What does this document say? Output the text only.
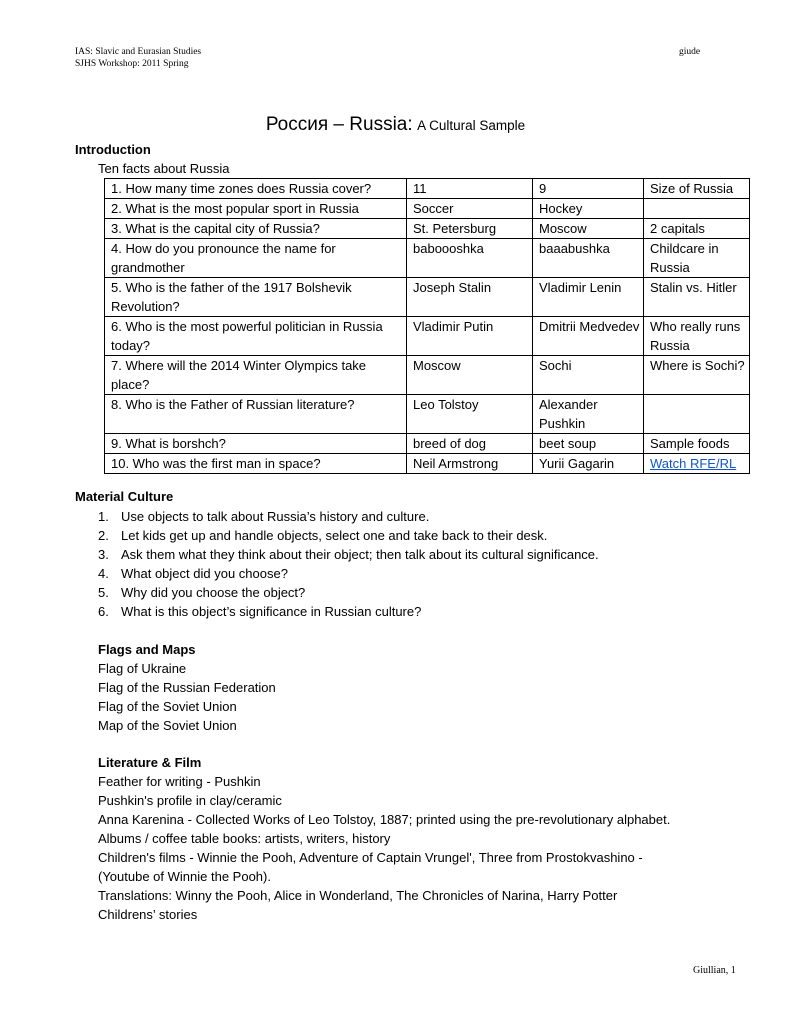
IAS: Slavic and Eurasian Studies
SJHS Workshop: 2011 Spring
giude
Россия – Russia: A Cultural Sample
Introduction
Ten facts about Russia
1. How many time zones does Russia cover?	11	9	Size of Russia
2. What is the most popular sport in Russia	Soccer	Hockey	
3. What is the capital city of Russia?	St. Petersburg	Moscow	2 capitals
4. How do you pronounce the name for grandmother	baboooshka	baaabushka	Childcare in Russia
5. Who is the father of the 1917 Bolshevik Revolution?	Joseph Stalin	Vladimir Lenin	Stalin vs. Hitler
6. Who is the most powerful politician in Russia today?	Vladimir Putin	Dmitrii Medvedev	Who really runs Russia
7. Where will the 2014 Winter Olympics take place?	Moscow	Sochi	Where is Sochi?
8. Who is the Father of Russian literature?	Leo Tolstoy	Alexander Pushkin	
9. What is borshch?	breed of dog	beet soup	Sample foods
10. Who was the first man in space?	Neil Armstrong	Yurii Gagarin	Watch RFE/RL
Material Culture
1. Use objects to talk about Russia’s history and culture.
2. Let kids get up and handle objects, select one and take back to their desk.
3. Ask them what they think about their object; then talk about its cultural significance.
4. What object did you choose?
5. Why did you choose the object?
6. What is this object’s significance in Russian culture?
Flags and Maps
Flag of Ukraine
Flag of the Russian Federation
Flag of the Soviet Union
Map of the Soviet Union
Literature & Film
Feather for writing - Pushkin
Pushkin's profile in clay/ceramic
Anna Karenina - Collected Works of Leo Tolstoy, 1887; printed using the pre-revolutionary alphabet.
Albums / coffee table books: artists, writers, history
Children's films - Winnie the Pooh, Adventure of Captain Vrungel', Three from Prostokvashino -
(Youtube of Winnie the Pooh).
Translations: Winny the Pooh, Alice in Wonderland, The Chronicles of Narina, Harry Potter
Childrens’ stories
Giullian, 1
